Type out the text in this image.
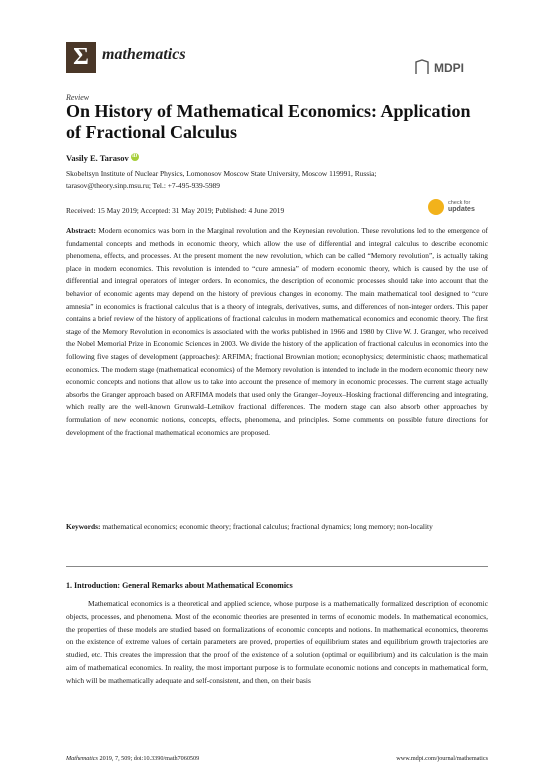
Σ mathematics
MDPI
Review
On History of Mathematical Economics: Application of Fractional Calculus
Vasily E. Tarasov iD
Skobeltsyn Institute of Nuclear Physics, Lomonosov Moscow State University, Moscow 119991, Russia;
tarasov@theory.sinp.msu.ru; Tel.: +7-495-939-5989
Received: 15 May 2019; Accepted: 31 May 2019; Published: 4 June 2019
check for
updates

Abstract: Modern economics was born in the Marginal revolution and the Keynesian revolution. These revolutions led to the emergence of fundamental concepts and methods in economic theory, which allow the use of differential and integral calculus to describe economic phenomena, effects, and processes. At the present moment the new revolution, which can be called “Memory revolution”, is actually taking place in modern economics. This revolution is intended to “cure amnesia” of modern economic theory, which is caused by the use of differential and integral operators of integer orders. In economics, the description of economic processes should take into account that the behavior of economic agents may depend on the history of previous changes in economy. The main mathematical tool designed to “cure amnesia” in economics is fractional calculus that is a theory of integrals, derivatives, sums, and differences of non-integer orders. This paper contains a brief review of the history of applications of fractional calculus in modern mathematical economics and economic theory. The first stage of the Memory Revolution in economics is associated with the works published in 1966 and 1980 by Clive W. J. Granger, who received the Nobel Memorial Prize in Economic Sciences in 2003. We divide the history of the application of fractional calculus in economics into the following five stages of development (approaches): ARFIMA; fractional Brownian motion; econophysics; deterministic chaos; mathematical economics. The modern stage (mathematical economics) of the Memory revolution is intended to include in the modern economic theory new economic concepts and notions that allow us to take into account the presence of memory in economic processes. The current stage actually absorbs the Granger approach based on ARFIMA models that used only the Granger–Joyeux–Hosking fractional differencing and integrating, which really are the well-known Grunwald–Letnikov fractional differences. The modern stage can also absorb other approaches by formulation of new economic notions, concepts, effects, phenomena, and principles. Some comments on possible future directions for development of the fractional mathematical economics are proposed.

Keywords: mathematical economics; economic theory; fractional calculus; fractional dynamics; long memory; non-locality

1. Introduction: General Remarks about Mathematical Economics

Mathematical economics is a theoretical and applied science, whose purpose is a mathematically formalized description of economic objects, processes, and phenomena. Most of the economic theories are presented in terms of economic models. In mathematical economics, the properties of these models are studied based on formalizations of economic concepts and notions. In mathematical economics, theorems on the existence of extreme values of certain parameters are proved, properties of equilibrium states and equilibrium growth trajectories are studied, etc. This creates the impression that the proof of the existence of a solution (optimal or equilibrium) and its calculation is the main aim of mathematical economics. In reality, the most important purpose is to formulate economic notions and concepts in mathematical form, which will be mathematically adequate and self-consistent, and then, on their basis

Mathematics 2019, 7, 509; doi:10.3390/math7060509	www.mdpi.com/journal/mathematics
